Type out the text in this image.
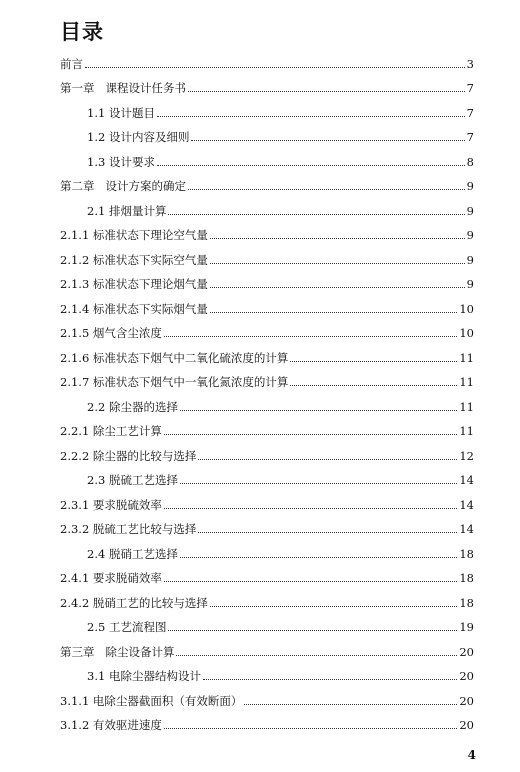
目录
前言	3
第一章   课程设计任务书	7
1.1 设计题目	7
1.2 设计内容及细则	7
1.3 设计要求	8
第二章   设计方案的确定	9
2.1 排烟量计算	9
2.1.1 标准状态下理论空气量	9
2.1.2 标准状态下实际空气量	9
2.1.3 标准状态下理论烟气量	9
2.1.4 标准状态下实际烟气量	10
2.1.5 烟气含尘浓度	10
2.1.6 标准状态下烟气中二氧化硫浓度的计算	11
2.1.7 标准状态下烟气中一氧化氮浓度的计算	11
2.2 除尘器的选择	11
2.2.1 除尘工艺计算	11
2.2.2 除尘器的比较与选择	12
2.3 脱硫工艺选择	14
2.3.1 要求脱硫效率	14
2.3.2 脱硫工艺比较与选择	14
2.4 脱硝工艺选择	18
2.4.1 要求脱硝效率	18
2.4.2 脱硝工艺的比较与选择	18
2.5 工艺流程图	19
第三章   除尘设备计算	20
3.1 电除尘器结构设计	20
3.1.1 电除尘器截面积（有效断面）	20
3.1.2 有效驱进速度	20
4
